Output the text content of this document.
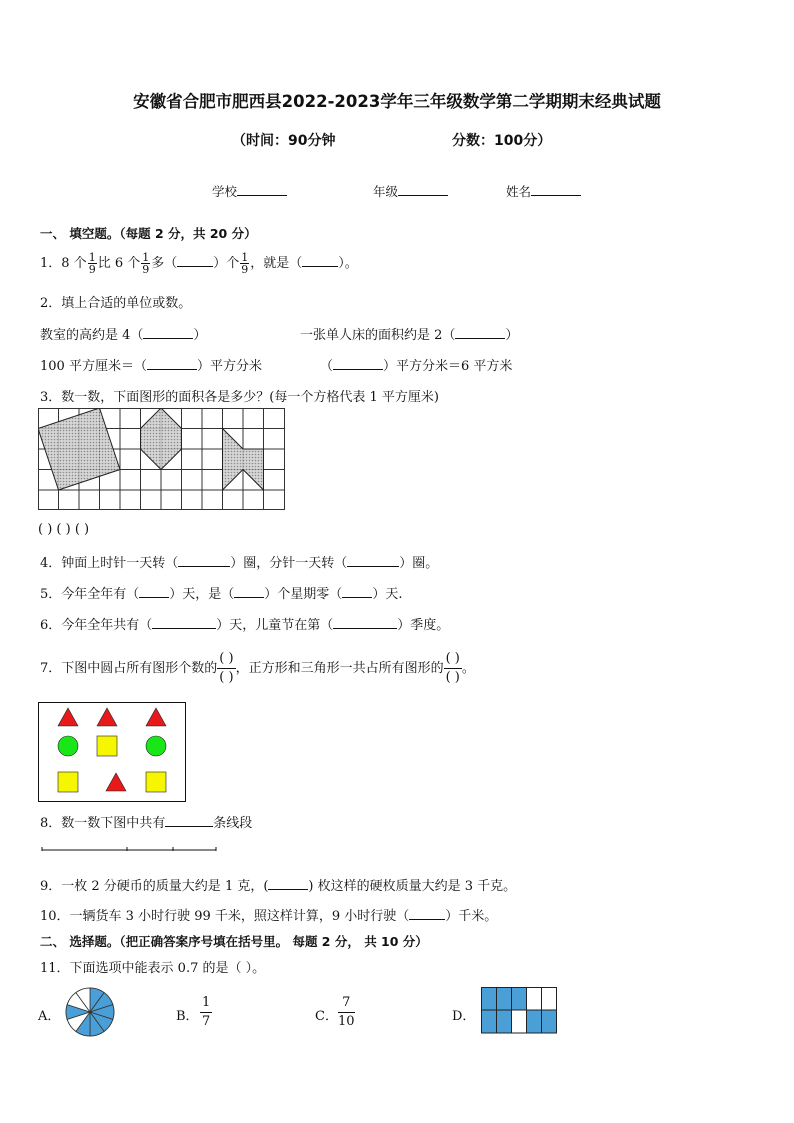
安徽省合肥市肥西县2022-2023学年三年级数学第二学期期末经典试题
（时间：90分钟	分数：100分）
学校	年级	姓名
一、 填空题。（每题 2 分，共 20 分）
1．8 个 $\frac{1}{9}$ 比 6 个 $\frac{1}{9}$ 多（	）个 $\frac{1}{9}$ ，就是（	）。
2．填上合适的单位或数。
教室的高约是 4（	）	一张单人床的面积约是 2（	）
100 平方厘米＝（	）平方分米	（	）平方分米＝6 平方米
3．数一数，下面图形的面积各是多少？(每一个方格代表 1 平方厘米)
( ) ( ) ( )
4．钟面上时针一天转（	）圈，分针一天转（	）圈。
5．今年全年有（ ）天，是（ ）个星期零（ ）天.
6．今年全年共有（	）天，儿童节在第（	）季度。
7．下图中圆占所有图形个数的
( )
( )
，正方形和三角形一共占所有图形的
( )
( )
。
8．数一数下图中共有	条线段
9．一枚 2 分硬币的质量大约是 1 克，(	) 枚这样的硬枚质量大约是 3 千克。
10．一辆货车 3 小时行驶 99 千米，照这样计算，9 小时行驶（	）千米。
二、 选择题。（把正确答案序号填在括号里。 每题 2 分， 共 10 分）
11．下面选项中能表示 0.7 的是（ ）。
A．	B． $\frac{1}{7}$	C． $\frac{7}{10}$	D．
